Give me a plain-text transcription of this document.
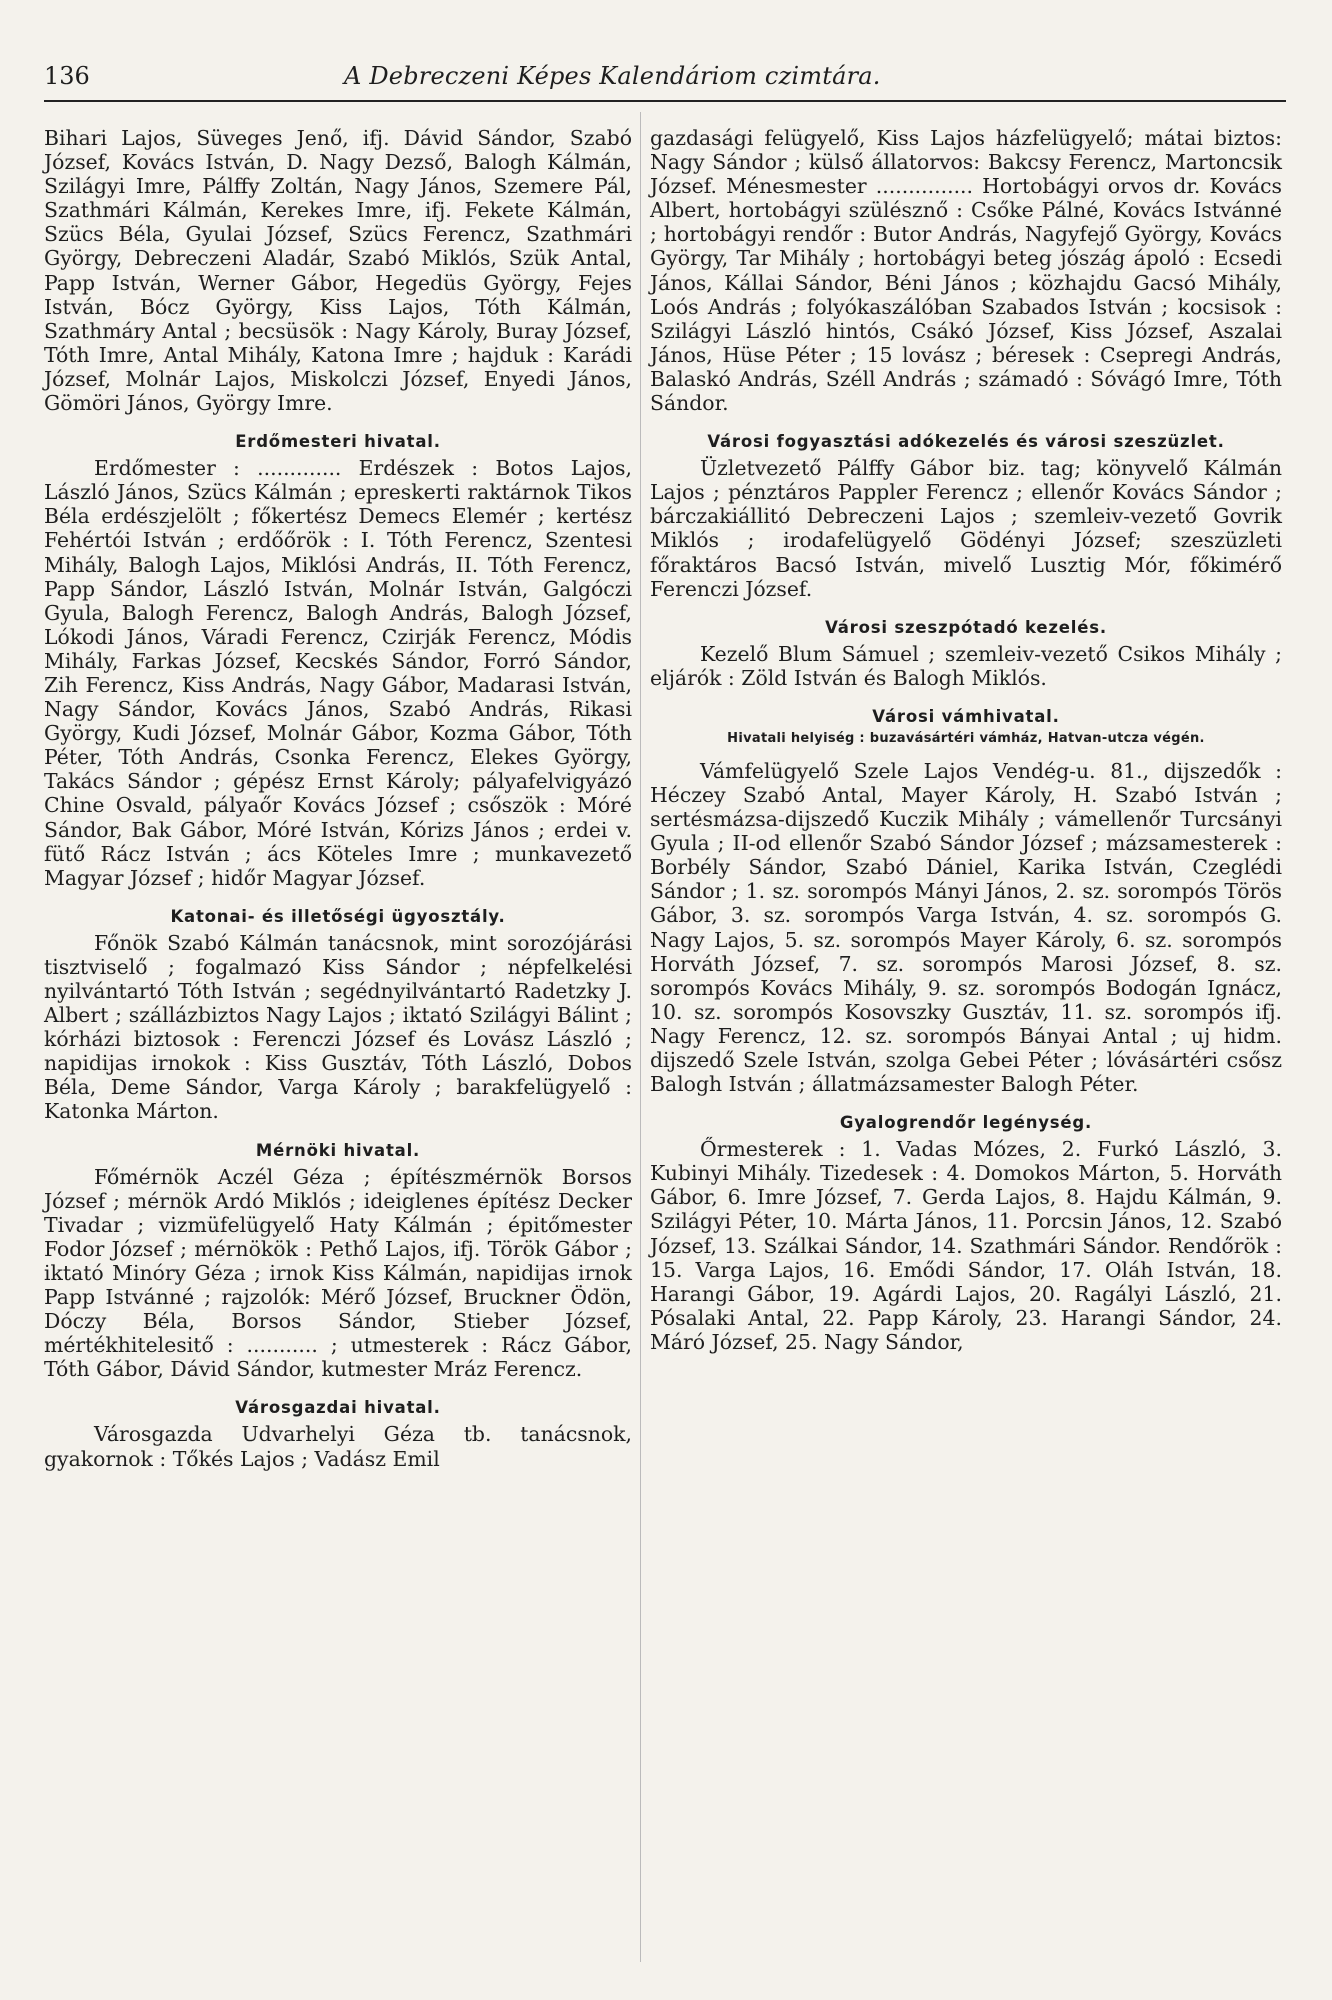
136	A Debreczeni Képes Kalendáriom czimtára.

Bihari Lajos, Süveges Jenő, ifj. Dávid Sándor, Szabó József, Kovács István, D. Nagy Dezső, Balogh Kálmán, Szilágyi Imre, Pálffy Zoltán, Nagy János, Szemere Pál, Szathmári Kálmán, Kerekes Imre, ifj. Fekete Kálmán, Szücs Béla, Gyulai József, Szücs Ferencz, Szathmári György, Debreczeni Aladár, Szabó Miklós, Szük Antal, Papp István, Werner Gábor, Hegedüs György, Fejes István, Bócz György, Kiss Lajos, Tóth Kálmán, Szathmáry Antal ; becsüsök : Nagy Károly, Buray József, Tóth Imre, Antal Mihály, Katona Imre ; hajduk : Karádi József, Molnár Lajos, Miskolczi József, Enyedi János, Gömöri János, György Imre.

Erdőmesteri hivatal.

Erdőmester : ............. Erdészek : Botos Lajos, László János, Szücs Kálmán ; epreskerti raktárnok Tikos Béla erdészjelölt ; főkertész Demecs Elemér ; kertész Fehértói István ; erdőőrök : I. Tóth Ferencz, Szentesi Mihály, Balogh Lajos, Miklósi András, II. Tóth Ferencz, Papp Sándor, László István, Molnár István, Galgóczi Gyula, Balogh Ferencz, Balogh András, Balogh József, Lókodi János, Váradi Ferencz, Czirják Ferencz, Módis Mihály, Farkas József, Kecskés Sándor, Forró Sándor, Zih Ferencz, Kiss András, Nagy Gábor, Madarasi István, Nagy Sándor, Kovács János, Szabó András, Rikasi György, Kudi József, Molnár Gábor, Kozma Gábor, Tóth Péter, Tóth András, Csonka Ferencz, Elekes György, Takács Sándor ; gépész Ernst Károly; pályafelvigyázó Chine Osvald, pályaőr Kovács József ; csőszök : Móré Sándor, Bak Gábor, Móré István, Kórizs János ; erdei v. fütő Rácz István ; ács Köteles Imre ; munkavezető Magyar József ; hidőr Magyar József.

Katonai- és illetőségi ügyosztály.

Főnök Szabó Kálmán tanácsnok, mint sorozójárási tisztviselő ; fogalmazó Kiss Sándor ; népfelkelési nyilvántartó Tóth István ; segédnyilvántartó Radetzky J. Albert ; szállázbiztos Nagy Lajos ; iktató Szilágyi Bálint ; kórházi biztosok : Ferenczi József és Lovász László ; napidijas irnokok : Kiss Gusztáv, Tóth László, Dobos Béla, Deme Sándor, Varga Károly ; barakfelügyelő : Katonka Márton.

Mérnöki hivatal.

Főmérnök Aczél Géza ; építészmérnök Borsos József ; mérnök Ardó Miklós ; ideiglenes építész Decker Tivadar ; vizmüfelügyelő Haty Kálmán ; épitőmester Fodor József ; mérnökök : Pethő Lajos, ifj. Török Gábor ; iktató Minóry Géza ; irnok Kiss Kálmán, napidijas irnok Papp Istvánné ; rajzolók: Mérő József, Bruckner Ödön, Dóczy Béla, Borsos Sándor, Stieber József, mértékhitelesitő : ........... ; utmesterek : Rácz Gábor, Tóth Gábor, Dávid Sándor, kutmester Mráz Ferencz.

Városgazdai hivatal.

Városgazda Udvarhelyi Géza tb. tanácsnok, gyakornok : Tőkés Lajos ; Vadász Emil

gazdasági felügyelő, Kiss Lajos házfelügyelő; mátai biztos: Nagy Sándor ; külső állatorvos: Bakcsy Ferencz, Martoncsik József. Ménesmester ............... Hortobágyi orvos dr. Kovács Albert, hortobágyi szülésznő : Csőke Pálné, Kovács Istvánné ; hortobágyi rendőr : Butor András, Nagyfejő György, Kovács György, Tar Mihály ; hortobágyi beteg jószág ápoló : Ecsedi János, Kállai Sándor, Béni János ; közhajdu Gacsó Mihály, Loós András ; folyókaszálóban Szabados István ; kocsisok : Szilágyi László hintós, Csákó József, Kiss József, Aszalai János, Hüse Péter ; 15 lovász ; béresek : Csepregi András, Balaskó András, Széll András ; számadó : Sóvágó Imre, Tóth Sándor.

Városi fogyasztási adókezelés és városi szeszüzlet.

Üzletvezető Pálffy Gábor biz. tag; könyvelő Kálmán Lajos ; pénztáros Pappler Ferencz ; ellenőr Kovács Sándor ; bárczakiállitó Debreczeni Lajos ; szemleiv-vezető Govrik Miklós ; irodafelügyelő Gödényi József; szeszüzleti főraktáros Bacsó István, mivelő Lusztig Mór, főkimérő Ferenczi József.

Városi szeszpótadó kezelés.

Kezelő Blum Sámuel ; szemleiv-vezető Csikos Mihály ; eljárók : Zöld István és Balogh Miklós.

Városi vámhivatal.
Hivatali helyiség : buzavásártéri vámház, Hatvan-utcza végén.

Vámfelügyelő Szele Lajos Vendég-u. 81., dijszedők : Héczey Szabó Antal, Mayer Károly, H. Szabó István ; sertésmázsa-dijszedő Kuczik Mihály ; vámellenőr Turcsányi Gyula ; II-od ellenőr Szabó Sándor József ; mázsamesterek : Borbély Sándor, Szabó Dániel, Karika István, Czeglédi Sándor ; 1. sz. sorompós Mányi János, 2. sz. sorompós Törös Gábor, 3. sz. sorompós Varga István, 4. sz. sorompós G. Nagy Lajos, 5. sz. sorompós Mayer Károly, 6. sz. sorompós Horváth József, 7. sz. sorompós Marosi József, 8. sz. sorompós Kovács Mihály, 9. sz. sorompós Bodogán Ignácz, 10. sz. sorompós Kosovszky Gusztáv, 11. sz. sorompós ifj. Nagy Ferencz, 12. sz. sorompós Bányai Antal ; uj hidm. dijszedő Szele István, szolga Gebei Péter ; lóvásártéri csősz Balogh István ; állatmázsamester Balogh Péter.

Gyalogrendőr legénység.

Őrmesterek : 1. Vadas Mózes, 2. Furkó László, 3. Kubinyi Mihály. Tizedesek : 4. Domokos Márton, 5. Horváth Gábor, 6. Imre József, 7. Gerda Lajos, 8. Hajdu Kálmán, 9. Szilágyi Péter, 10. Márta János, 11. Porcsin János, 12. Szabó József, 13. Szálkai Sándor, 14. Szathmári Sándor. Rendőrök : 15. Varga Lajos, 16. Emődi Sándor, 17. Oláh István, 18. Harangi Gábor, 19. Agárdi Lajos, 20. Ragályi László, 21. Pósalaki Antal, 22. Papp Károly, 23. Harangi Sándor, 24. Máró József, 25. Nagy Sándor,
